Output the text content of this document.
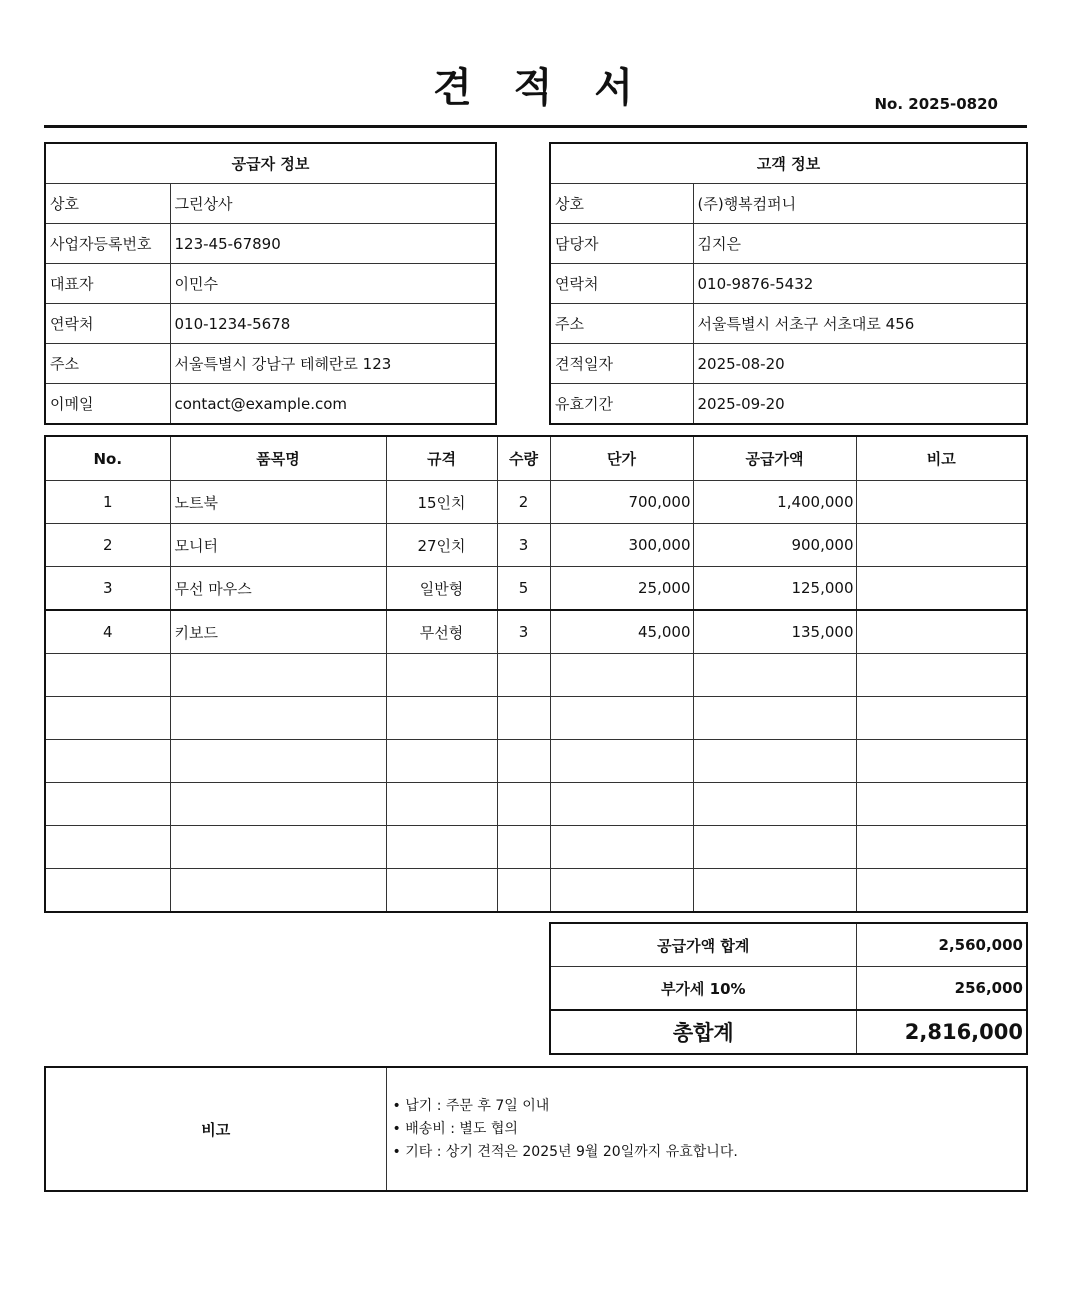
견 적 서	No. 2025-0820
공급자 정보	
상호	그린상사
사업자등록번호	123-45-67890
대표자	이민수
연락처	010-1234-5678
주소	서울특별시 강남구 테헤란로 123
이메일	contact@example.com
고객 정보	
상호	(주)행복컴퍼니
담당자	김지은
연락처	010-9876-5432
주소	서울특별시 서초구 서초대로 456
견적일자	2025-08-20
유효기간	2025-09-20
No.	품목명	규격	수량	단가	공급가액	비고
1	노트북	15인치	2	700,000	1,400,000	
2	모니터	27인치	3	300,000	900,000	
3	무선 마우스	일반형	5	25,000	125,000	
4	키보드	무선형	3	45,000	135,000	

공급가액 합계	2,560,000
부가세 10%	256,000
총합계	2,816,000
비고	
• 납기 : 주문 후 7일 이내
• 배송비 : 별도 협의
• 기타 : 상기 견적은 2025년 9월 20일까지 유효합니다.
